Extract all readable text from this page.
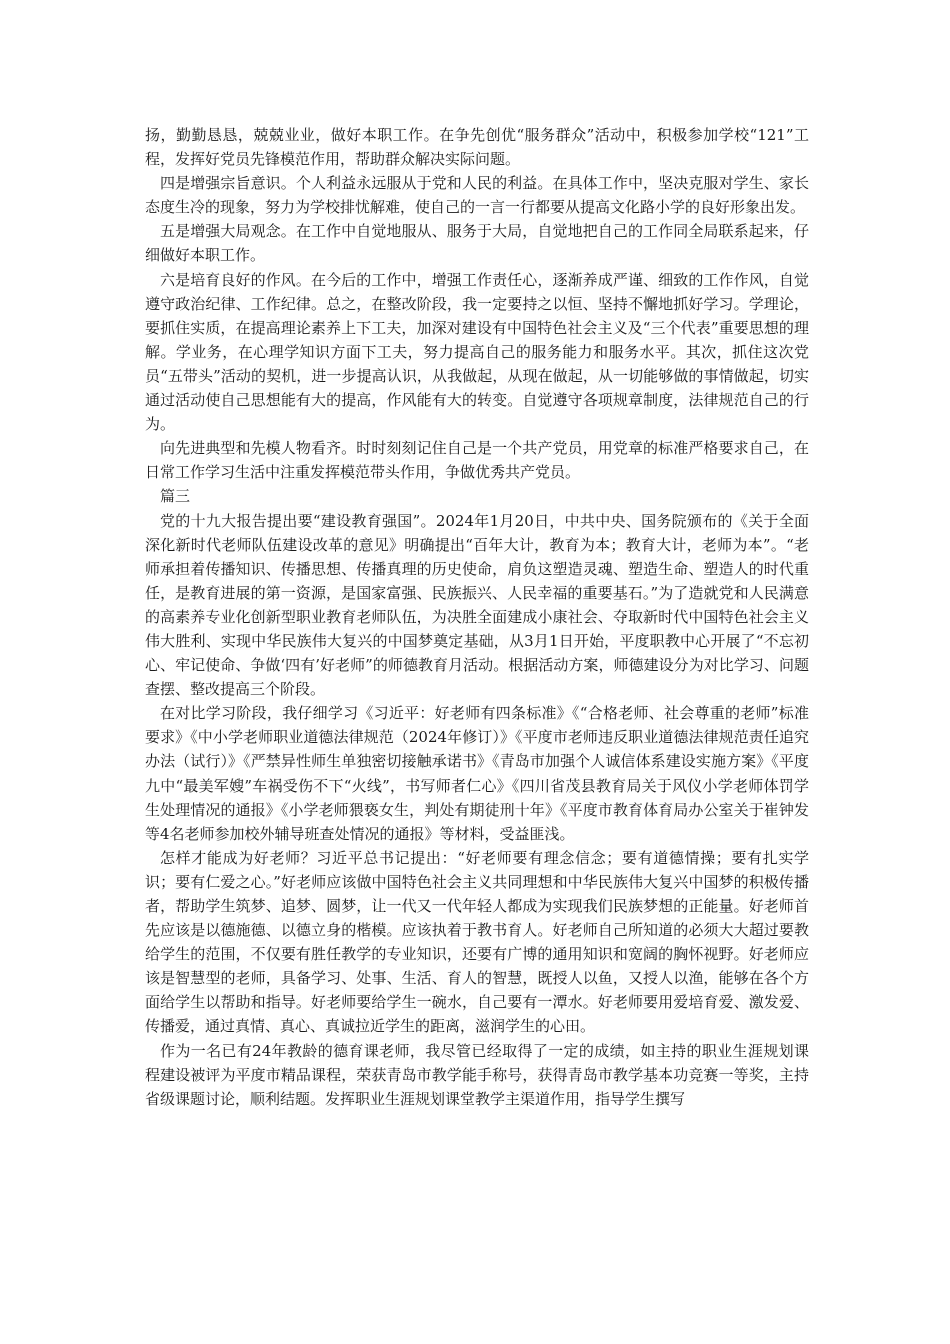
扬，勤勤恳恳，兢兢业业，做好本职工作。在争先创优“服务群众”活动中，积极参加学校“121”工程，发挥好党员先锋模范作用，帮助群众解决实际问题。

四是增强宗旨意识。个人利益永远服从于党和人民的利益。在具体工作中，坚决克服对学生、家长态度生冷的现象，努力为学校排忧解难，使自己的一言一行都要从提高文化路小学的良好形象出发。

五是增强大局观念。在工作中自觉地服从、服务于大局，自觉地把自己的工作同全局联系起来，仔细做好本职工作。

六是培育良好的作风。在今后的工作中，增强工作责任心，逐渐养成严谨、细致的工作作风，自觉遵守政治纪律、工作纪律。总之，在整改阶段，我一定要持之以恒、坚持不懈地抓好学习。学理论，要抓住实质，在提高理论素养上下工夫，加深对建设有中国特色社会主义及“三个代表”重要思想的理解。学业务，在心理学知识方面下工夫，努力提高自己的服务能力和服务水平。其次，抓住这次党员“五带头”活动的契机，进一步提高认识，从我做起，从现在做起，从一切能够做的事情做起，切实通过活动使自己思想能有大的提高，作风能有大的转变。自觉遵守各项规章制度，法律规范自己的行为。

向先进典型和先模人物看齐。时时刻刻记住自己是一个共产党员，用党章的标准严格要求自己，在日常工作学习生活中注重发挥模范带头作用，争做优秀共产党员。

篇三

党的十九大报告提出要“建设教育强国”。2024年1月20日，中共中央、国务院颁布的《关于全面深化新时代老师队伍建设改革的意见》明确提出“百年大计，教育为本；教育大计，老师为本”。“老师承担着传播知识、传播思想、传播真理的历史使命，肩负这塑造灵魂、塑造生命、塑造人的时代重任，是教育进展的第一资源，是国家富强、民族振兴、人民幸福的重要基石。”为了造就党和人民满意的高素养专业化创新型职业教育老师队伍，为决胜全面建成小康社会、夺取新时代中国特色社会主义伟大胜利、实现中华民族伟大复兴的中国梦奠定基础，从3月1日开始，平度职教中心开展了“不忘初心、牢记使命、争做‘四有’好老师”的师德教育月活动。根据活动方案，师德建设分为对比学习、问题查摆、整改提高三个阶段。

在对比学习阶段，我仔细学习《习近平：好老师有四条标准》《“合格老师、社会尊重的老师”标准要求》《中小学老师职业道德法律规范（2024年修订）》《平度市老师违反职业道德法律规范责任追究办法（试行）》《严禁异性师生单独密切接触承诺书》《青岛市加强个人诚信体系建设实施方案》《平度九中“最美军嫂”车祸受伤不下“火线”，书写师者仁心》《四川省茂县教育局关于风仪小学老师体罚学生处理情况的通报》《小学老师猥亵女生，判处有期徒刑十年》《平度市教育体育局办公室关于崔钟发等4名老师参加校外辅导班查处情况的通报》等材料，受益匪浅。

怎样才能成为好老师？习近平总书记提出：“好老师要有理念信念；要有道德情操；要有扎实学识；要有仁爱之心。”好老师应该做中国特色社会主义共同理想和中华民族伟大复兴中国梦的积极传播者，帮助学生筑梦、追梦、圆梦，让一代又一代年轻人都成为实现我们民族梦想的正能量。好老师首先应该是以德施德、以德立身的楷模。应该执着于教书育人。好老师自己所知道的必须大大超过要教给学生的范围，不仅要有胜任教学的专业知识，还要有广博的通用知识和宽阔的胸怀视野。好老师应该是智慧型的老师，具备学习、处事、生活、育人的智慧，既授人以鱼，又授人以渔，能够在各个方面给学生以帮助和指导。好老师要给学生一碗水，自己要有一潭水。好老师要用爱培育爱、激发爱、传播爱，通过真情、真心、真诚拉近学生的距离，滋润学生的心田。

作为一名已有24年教龄的德育课老师，我尽管已经取得了一定的成绩，如主持的职业生涯规划课程建设被评为平度市精品课程，荣获青岛市教学能手称号，获得青岛市教学基本功竞赛一等奖，主持省级课题讨论，顺利结题。发挥职业生涯规划课堂教学主渠道作用，指导学生撰写
